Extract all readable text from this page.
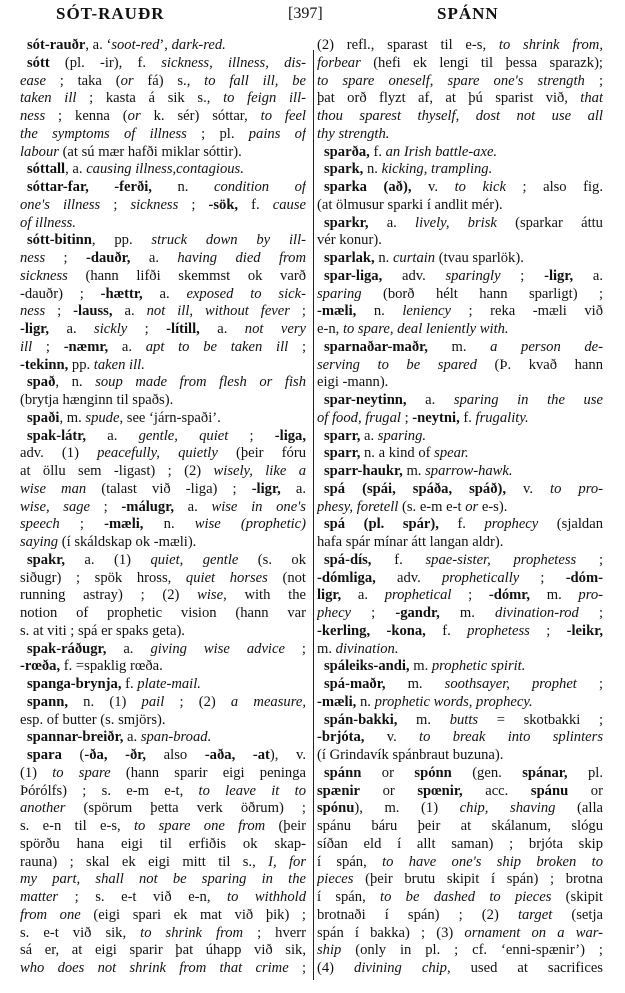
SÓT-RAUÐR	[397]	SPÁNN
sót-rauðr, a. ‘soot-red’, dark-red.
sótt (pl. -ir), f. sickness, illness, dis-
ease ; taka (or fá) s., to fall ill, be
taken ill ; kasta á sik s., to feign ill-
ness ; kenna (or k. sér) sóttar, to feel
the symptoms of illness ; pl. pains of
labour (at sú mær hafði miklar sóttir).
sóttall, a. causing illness,contagious.
sóttar-far, -ferði, n. condition of
one's illness ; sickness ; -sök, f. cause
of illness.
sótt-bitinn, pp. struck down by ill-
ness ; -dauðr, a. having died from
sickness (hann lifði skemmst ok varð
-dauðr) ; -hættr, a. exposed to sick-
ness ; -lauss, a. not ill, without fever ;
-ligr, a. sickly ; -lítill, a. not very
ill ; -næmr, a. apt to be taken ill ;
-tekinn, pp. taken ill.
spað, n. soup made from flesh or fish
(brytja hænginn til spaðs).
spaði, m. spude, see ‘járn-spaði’.
spak-látr, a. gentle, quiet ; -liga,
adv. (1) peacefully, quietly (þeir fóru
at öllu sem -ligast) ; (2) wisely, like a
wise man (talast við -liga) ; -ligr, a.
wise, sage ; -málugr, a. wise in one's
speech ; -mæli, n. wise (prophetic)
saying (í skáldskap ok -mæli).
spakr, a. (1) quiet, gentle (s. ok
siðugr) ; spök hross, quiet horses (not
running astray) ; (2) wise, with the
notion of prophetic vision (hann var
s. at viti ; spá er spaks geta).
spak-ráðugr, a. giving wise advice ;
-rœða, f. =spaklig rœða.
spanga-brynja, f. plate-mail.
spann, n. (1) pail ; (2) a measure,
esp. of butter (s. smjörs).
spannar-breiðr, a. span-broad.
spara (-ða, -ðr, also -aða, -at), v.
(1) to spare (hann sparir eigi peninga
Þórólfs) ; s. e-m e-t, to leave it to
another (spörum þetta verk öðrum) ;
s. e-n til e-s, to spare one from (þeir
spörðu hana eigi til erfiðis ok skap-
rauna) ; skal ek eigi mitt til s., I, for
my part, shall not be sparing in the
matter ; s. e-t við e-n, to withhold
from one (eigi spari ek mat við þik) ;
s. e-t við sik, to shrink from ; hverr
sá er, at eigi sparir þat úhapp við sik,
who does not shrink from that crime ;
(2) refl., sparast til e-s, to shrink from,
forbear (hefi ek lengi til þessa sparazk);
to spare oneself, spare one's strength ;
þat orð flyzt af, at þú sparist við, that
thou sparest thyself, dost not use all
thy strength.
sparða, f. an Irish battle-axe.
spark, n. kicking, trampling.
sparka (að), v. to kick ; also fig.
(at ölmusur sparki í andlit mér).
sparkr, a. lively, brisk (sparkar áttu
vér konur).
sparlak, n. curtain (tvau sparlök).
spar-liga, adv. sparingly ; -ligr, a.
sparing (borð hélt hann sparligt) ;
-mæli, n. leniency ; reka -mæli við
e-n, to spare, deal leniently with.
sparnaðar-maðr, m. a person de-
serving to be spared (Þ. kvað hann
eigi -mann).
spar-neytinn, a. sparing in the use
of food, frugal ; -neytni, f. frugality.
sparr, a. sparing.
sparr, n. a kind of spear.
sparr-haukr, m. sparrow-hawk.
spá (spái, spáða, spáð), v. to pro-
phesy, foretell (s. e-m e-t or e-s).
spá (pl. spár), f. prophecy (sjaldan
hafa spár mínar átt langan aldr).
spá-dís, f. spae-sister, prophetess ;
-dómliga, adv. prophetically ; -dóm-
ligr, a. prophetical ; -dómr, m. pro-
phecy ; -gandr, m. divination-rod ;
-kerling, -kona, f. prophetess ; -leikr,
m. divination.
spáleiks-andi, m. prophetic spirit.
spá-maðr, m. soothsayer, prophet ;
-mæli, n. prophetic words, prophecy.
spán-bakki, m. butts = skotbakki ;
-brjóta, v. to break into splinters
(í Grindavík spánbraut buzuna).
spánn or spónn (gen. spánar, pl.
spænir or spœnir, acc. spánu or
spónu), m. (1) chip, shaving (alla
spánu báru þeir at skálanum, slógu
síðan eld í allt saman) ; brjóta skip
í spán, to have one's ship broken to
pieces (þeir brutu skipit í spán) ; brotna
í spán, to be dashed to pieces (skipit
brotnaði í spán) ; (2) target (setja
spán í bakka) ; (3) ornament on a war-
ship (only in pl. ; cf. ‘enni-spænir’) ;
(4) divining chip, used at sacrifices
